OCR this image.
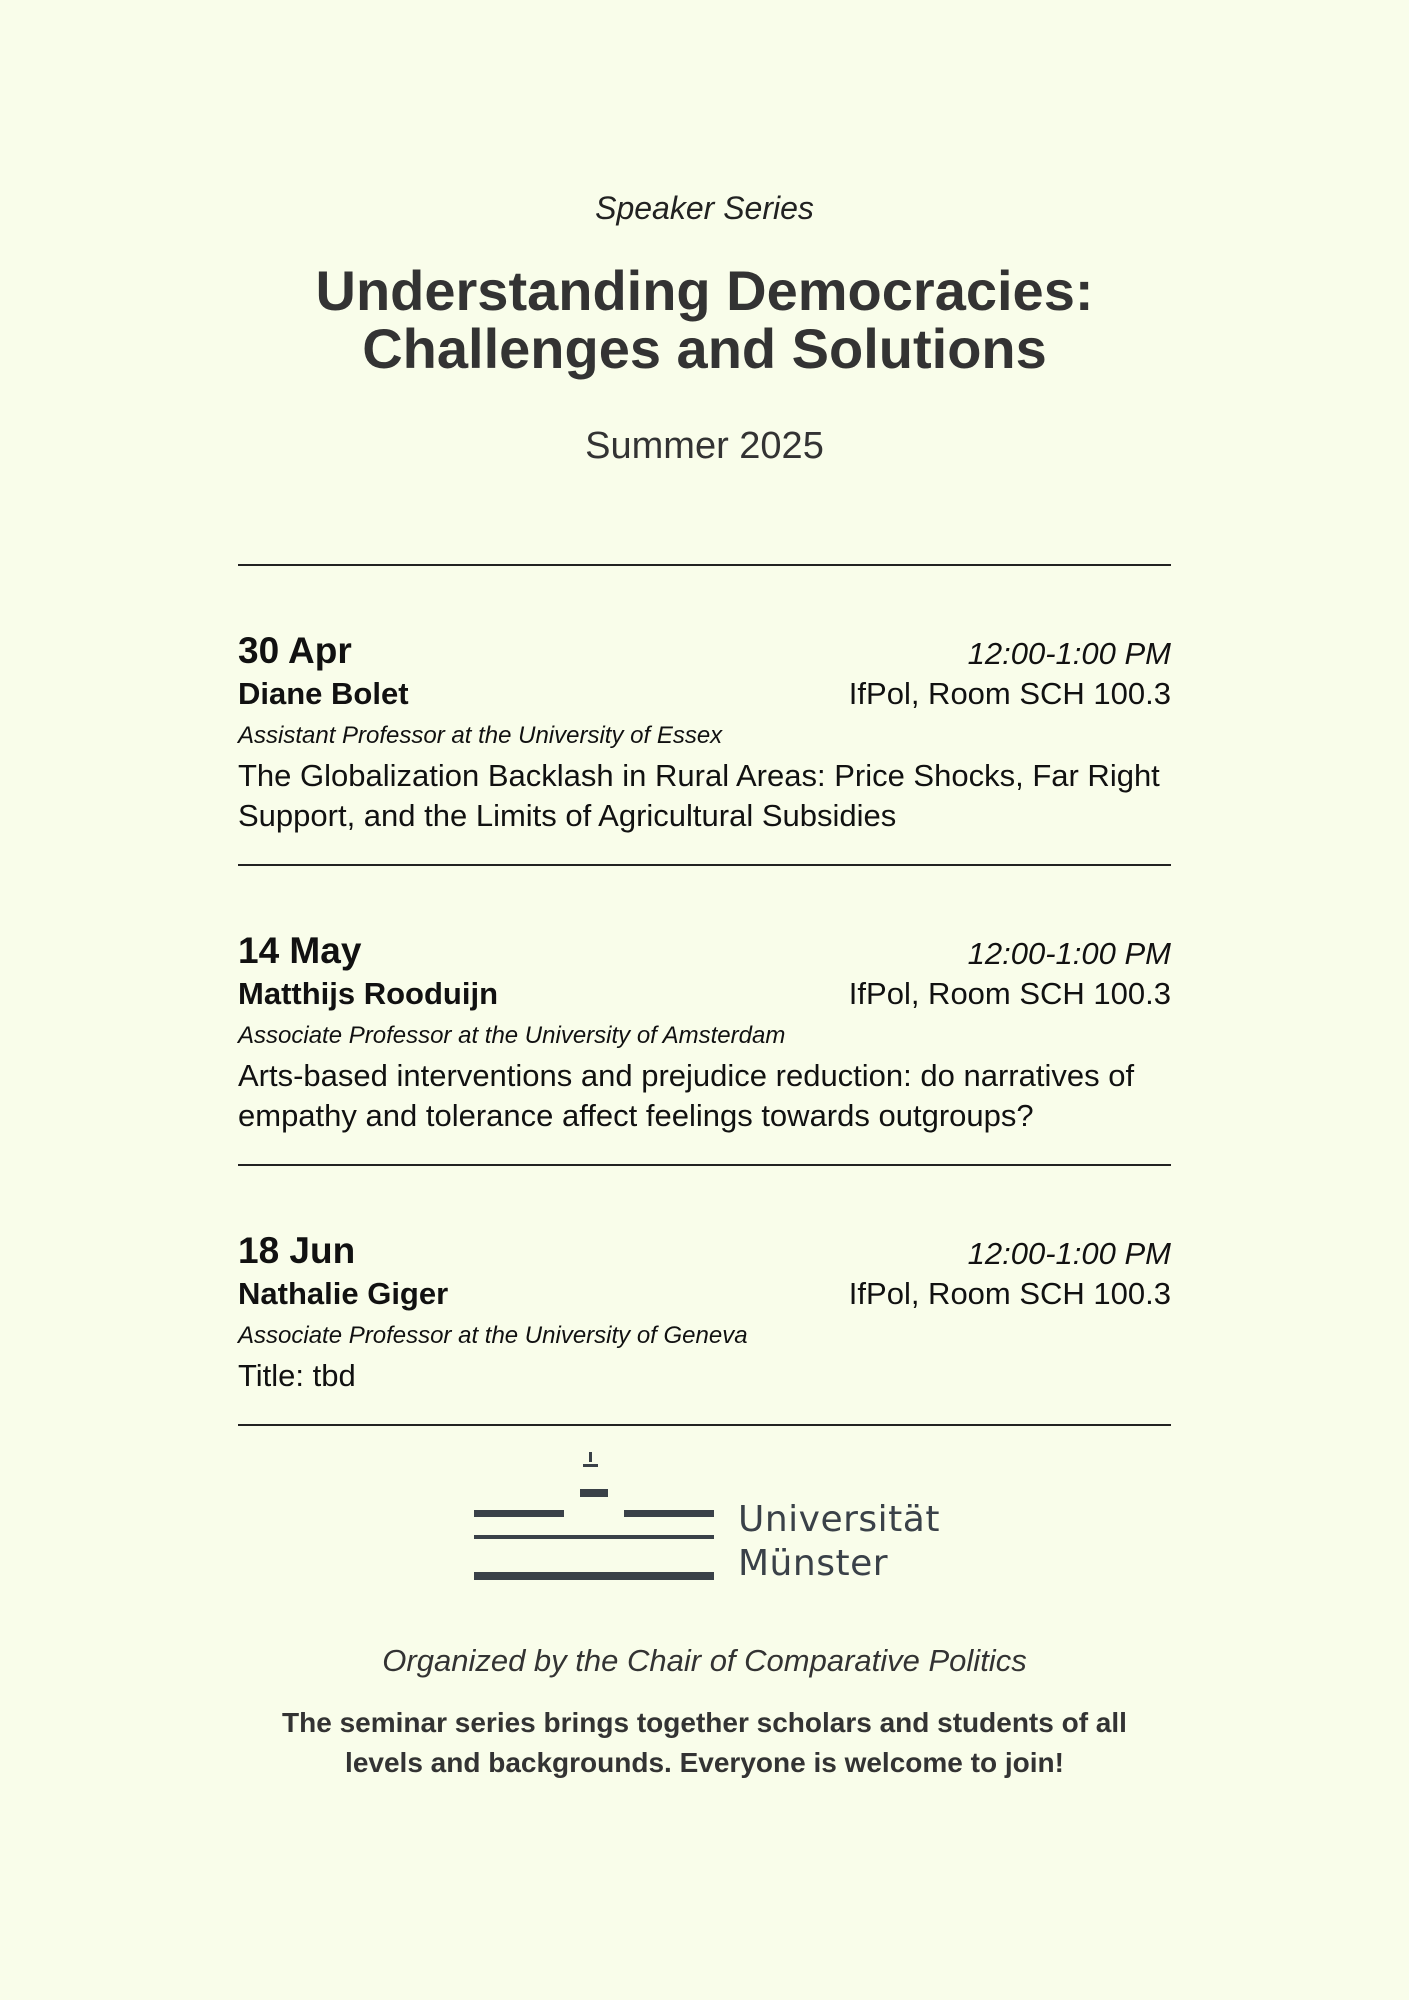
Speaker Series
Understanding Democracies:
Challenges and Solutions
Summer 2025
30 Apr	12:00-1:00 PM
Diane Bolet	IfPol, Room SCH 100.3
Assistant Professor at the University of Essex
The Globalization Backlash in Rural Areas: Price Shocks, Far Right Support, and the Limits of Agricultural Subsidies
14 May	12:00-1:00 PM
Matthijs Rooduijn	IfPol, Room SCH 100.3
Associate Professor at the University of Amsterdam
Arts-based interventions and prejudice reduction: do narratives of empathy and tolerance affect feelings towards outgroups?
18 Jun	12:00-1:00 PM
Nathalie Giger	IfPol, Room SCH 100.3
Associate Professor at the University of Geneva
Title: tbd
Universität
Münster
Organized by the Chair of Comparative Politics
The seminar series brings together scholars and students of all levels and backgrounds. Everyone is welcome to join!
